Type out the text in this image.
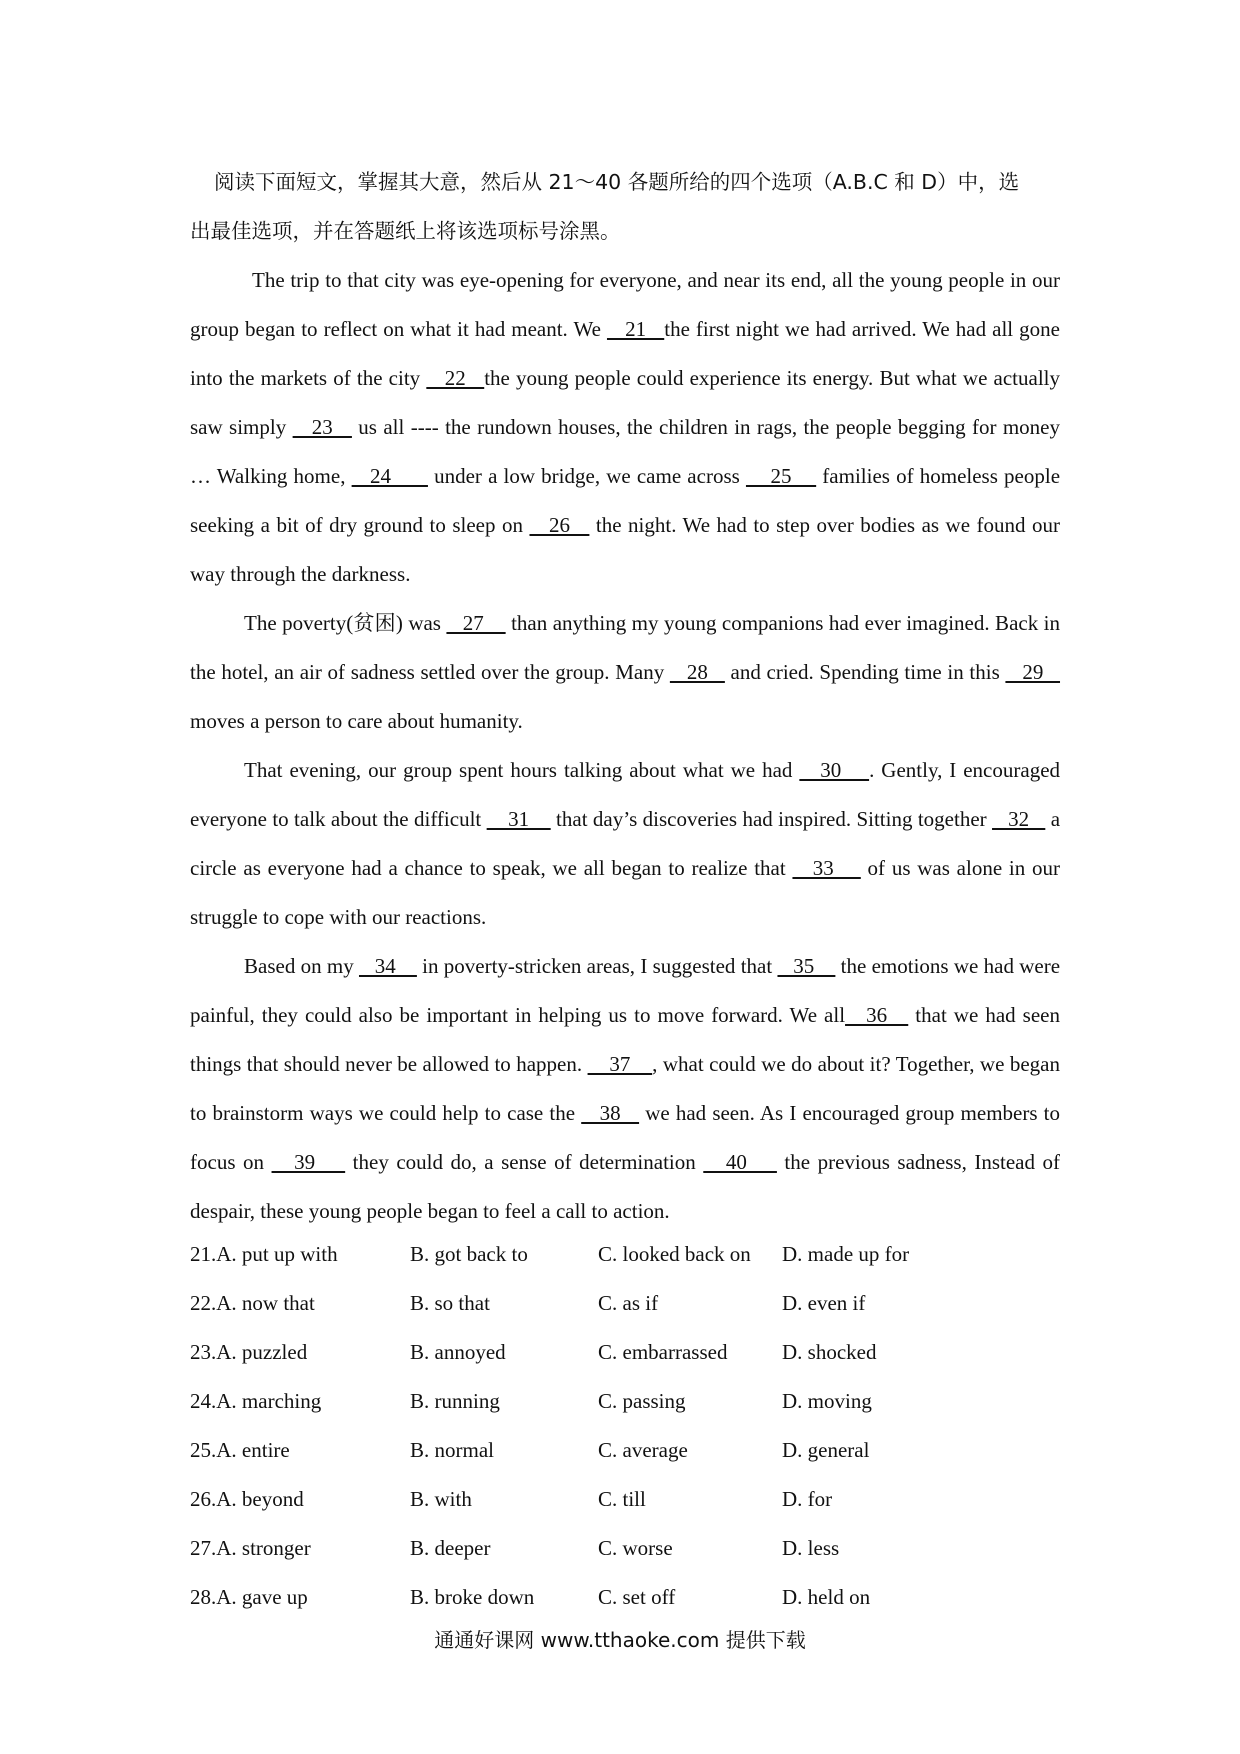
阅读下面短文，掌握其大意，然后从 21～40 各题所给的四个选项（A.B.C 和 D）中，选
出最佳选项，并在答题纸上将该选项标号涂黑。

The trip to that city was eye-opening for everyone, and near its end, all the young people in our group began to reflect on what it had meant. We    21   the first night we had arrived. We had all gone into the markets of the city    22   the young people could experience its energy. But what we actually saw simply    23    us all ---- the rundown houses, the children in rags, the people begging for money … Walking home,    24       under a low bridge, we came across     25     families of homeless people seeking a bit of dry ground to sleep on    26    the night. We had to step over bodies as we found our way through the darkness.

The poverty(贫困) was    27     than anything my young companions had ever imagined. Back in the hotel, an air of sadness settled over the group. Many    28    and cried. Spending time in this    29    moves a person to care about humanity.

That evening, our group spent hours talking about what we had    30    . Gently, I encouraged everyone to talk about the difficult     31     that day’s discoveries had inspired. Sitting together    32    a circle as everyone had a chance to speak, we all began to realize that    33     of us was alone in our struggle to cope with our reactions.

Based on my    34     in poverty-stricken areas, I suggested that    35     the emotions we had were painful, they could also be important in helping us to move forward. We all   36    that we had seen things that should never be allowed to happen.     37    , what could we do about it? Together, we began to brainstorm ways we could help to case the    38    we had seen. As I encouraged group members to focus on    39     they could do, a sense of determination    40     the previous sadness, Instead of despair, these young people began to feel a call to action.

21.A. put up with	B. got back to	C. looked back on D. made up for
22.A. now that	B. so that	C. as if	D. even if
23.A. puzzled	B. annoyed	C. embarrassed	D. shocked
24.A. marching	B. running	C. passing	D. moving
25.A. entire	B. normal	C. average	D. general
26.A. beyond	B. with	C. till	D. for
27.A. stronger	B. deeper	C. worse	D. less
28.A. gave up	B. broke down	C. set off	D. held on
通通好课网 www.tthaoke.com 提供下载
